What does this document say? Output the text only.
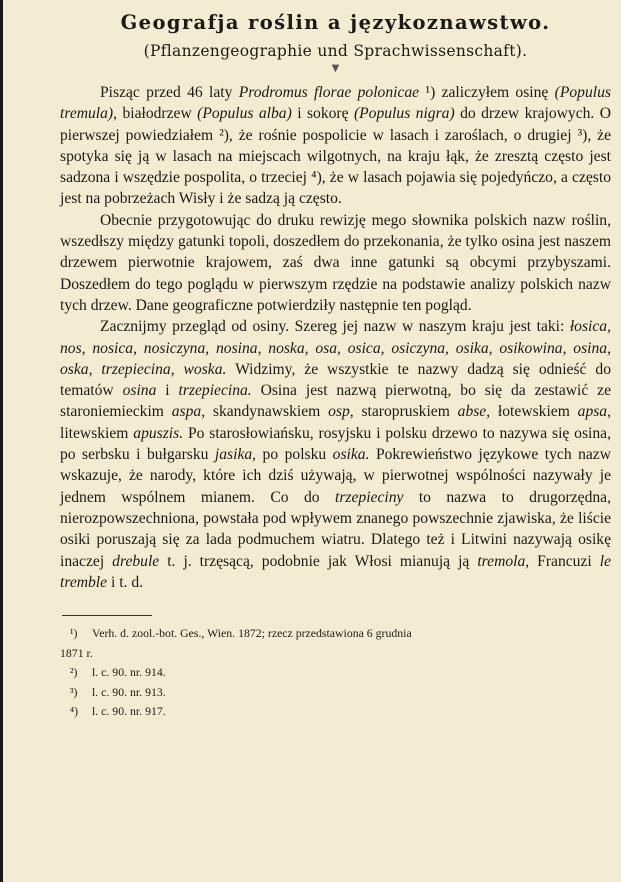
Geografja roślin a językoznawstwo.

(Pflanzengeographie und Sprachwissenschaft).

▼

Pisząc przed 46 laty Prodromus florae polonicae ¹) zaliczyłem osinę (Populus tremula), białodrzew (Populus alba) i sokorę (Populus nigra) do drzew krajowych. O pierwszej powiedziałem ²), że rośnie pospolicie w lasach i zaroślach, o drugiej ³), że spotyka się ją w lasach na miejscach wilgotnych, na kraju łąk, że zresztą często jest sadzona i wszędzie pospolita, o trzeciej ⁴), że w lasach pojawia się pojedyńczo, a często jest na pobrzeżach Wisły i że sadzą ją często.

Obecnie przygotowując do druku rewizję mego słownika polskich nazw roślin, wszedłszy między gatunki topoli, doszedłem do przekonania, że tylko osina jest naszem drzewem pierwotnie krajowem, zaś dwa inne gatunki są obcymi przybyszami. Doszedłem do tego poglądu w pierwszym rzędzie na podstawie analizy polskich nazw tych drzew. Dane geograficzne potwierdziły następnie ten pogląd.

Zacznijmy przegląd od osiny. Szereg jej nazw w naszym kraju jest taki: łosica, nos, nosica, nosiczyna, nosina, noska, osa, osica, osiczyna, osika, osikowina, osina, oska, trzepiecina, woska. Widzimy, że wszystkie te nazwy dadzą się odnieść do tematów osina i trzepiecina. Osina jest nazwą pierwotną, bo się da zestawić ze staroniemieckim aspa, skandynawskiem osp, staropruskiem abse, łotewskiem apsa, litewskiem apuszis. Po starosłowiańsku, rosyjsku i polsku drzewo to nazywa się osina, po serbsku i bułgarsku jasika, po polsku osika. Pokrewieństwo językowe tych nazw wskazuje, że narody, które ich dziś używają, w pierwotnej wspólności nazywały je jednem wspólnem mianem. Co do trzepieciny to nazwa to drugorzędna, nierozpowszechniona, powstała pod wpływem znanego powszechnie zjawiska, że liście osiki poruszają się za lada podmuchem wiatru. Dlatego też i Litwini nazywają osikę inaczej drebule t. j. trzęsącą, podobnie jak Włosi mianują ją tremola, Francuzi le tremble i t. d.

¹) Verh. d. zool.-bot. Ges., Wien. 1872; rzecz przedstawiona 6 grudnia
1871 r.
²) l. c. 90. nr. 914.
³) l. c. 90. nr. 913.
⁴) l. c. 90. nr. 917.
